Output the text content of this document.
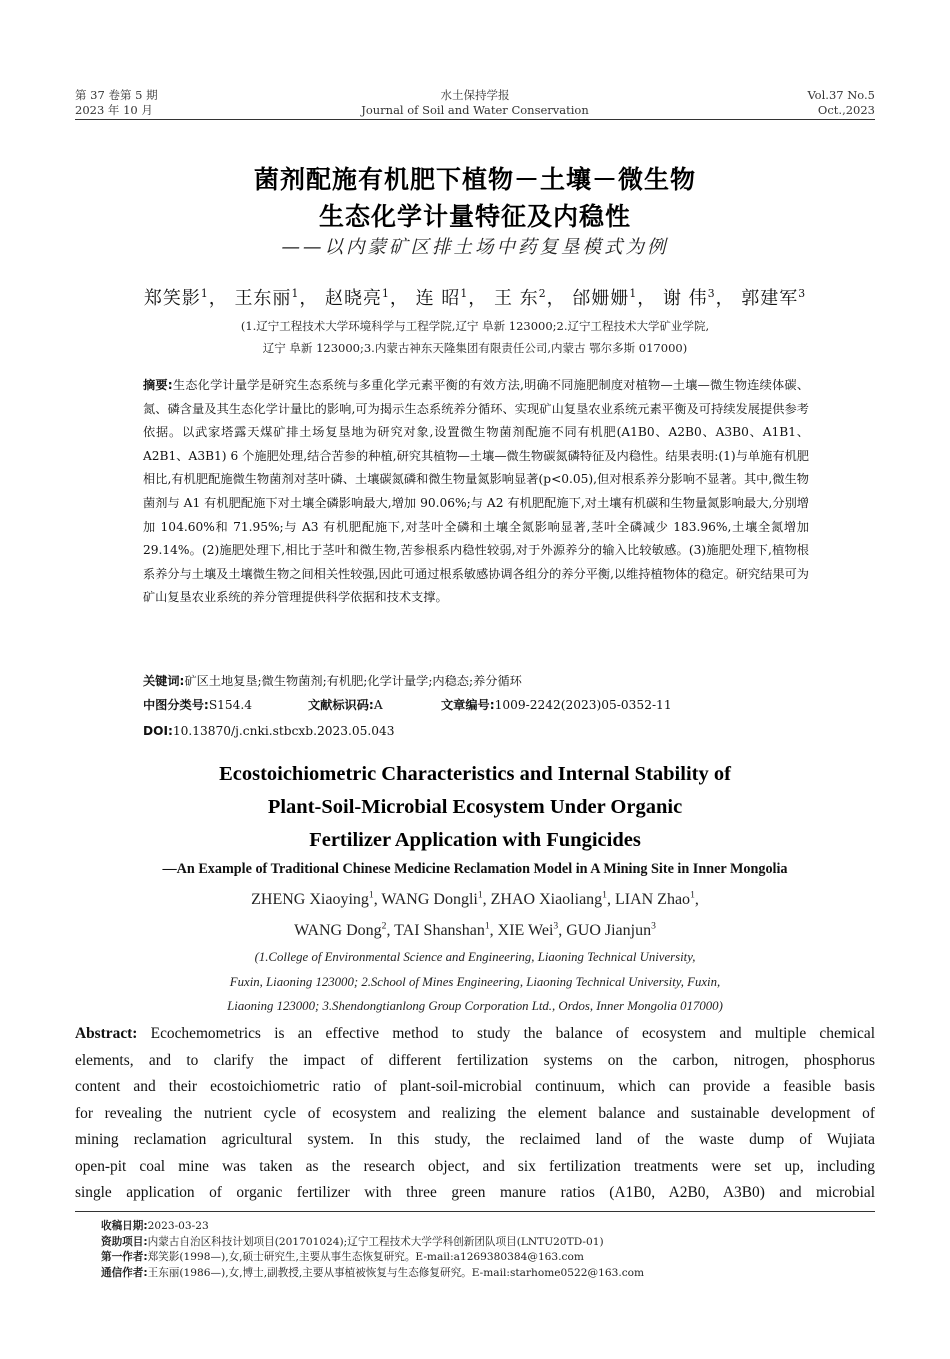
第 37 卷第 5 期
2023 年 10 月
水土保持学报
Journal of Soil and Water Conservation
Vol.37 No.5
Oct.,2023
菌剂配施有机肥下植物－土壤－微生物
生态化学计量特征及内稳性
——以内蒙矿区排土场中药复垦模式为例
郑笑影$^1$， 王东丽$^1$， 赵晓亮$^1$， 连 昭$^1$， 王 东$^2$， 邰姗姗$^1$， 谢 伟$^3$， 郭建军$^3$
(1.辽宁工程技术大学环境科学与工程学院,辽宁 阜新 123000;2.辽宁工程技术大学矿业学院,
辽宁 阜新 123000;3.内蒙古神东天隆集团有限责任公司,内蒙古 鄂尔多斯 017000)
摘要:生态化学计量学是研究生态系统与多重化学元素平衡的有效方法,明确不同施肥制度对植物—土壤—微生物连续体碳、氮、磷含量及其生态化学计量比的影响,可为揭示生态系统养分循环、实现矿山复垦农业系统元素平衡及可持续发展提供参考依据。以武家塔露天煤矿排土场复垦地为研究对象,设置微生物菌剂配施不同有机肥(A1B0、A2B0、A3B0、A1B1、A2B1、A3B1) 6 个施肥处理,结合苦参的种植,研究其植物—土壤—微生物碳氮磷特征及内稳性。结果表明:(1)与单施有机肥相比,有机肥配施微生物菌剂对茎叶磷、土壤碳氮磷和微生物量氮影响显著(p<0.05),但对根系养分影响不显著。其中,微生物菌剂与 A1 有机肥配施下对土壤全磷影响最大,增加 90.06%;与 A2 有机肥配施下,对土壤有机碳和生物量氮影响最大,分别增加 104.60%和 71.95%;与 A3 有机肥配施下,对茎叶全磷和土壤全氮影响显著,茎叶全磷减少 183.96%,土壤全氮增加 29.14%。(2)施肥处理下,相比于茎叶和微生物,苦参根系内稳性较弱,对于外源养分的输入比较敏感。(3)施肥处理下,植物根系养分与土壤及土壤微生物之间相关性较强,因此可通过根系敏感协调各组分的养分平衡,以维持植物体的稳定。研究结果可为矿山复垦农业系统的养分管理提供科学依据和技术支撑。
关键词:矿区土地复垦;微生物菌剂;有机肥;化学计量学;内稳态;养分循环
中图分类号:S154.4	文献标识码:A	文章编号:1009-2242(2023)05-0352-11
DOI:10.13870/j.cnki.stbcxb.2023.05.043
Ecostoichiometric Characteristics and Internal Stability of
Plant-Soil-Microbial Ecosystem Under Organic
Fertilizer Application with Fungicides
—An Example of Traditional Chinese Medicine Reclamation Model in A Mining Site in Inner Mongolia
ZHENG Xiaoying$^1$, WANG Dongli$^1$, ZHAO Xiaoliang$^1$, LIAN Zhao$^1$,
WANG Dong$^2$, TAI Shanshan$^1$, XIE Wei$^3$, GUO Jianjun$^3$
(1.College of Environmental Science and Engineering, Liaoning Technical University,
Fuxin, Liaoning 123000; 2.School of Mines Engineering, Liaoning Technical University, Fuxin,
Liaoning 123000; 3.Shendongtianlong Group Corporation Ltd., Ordos, Inner Mongolia 017000)
Abstract: Ecochemometrics is an effective method to study the balance of ecosystem and multiple chemical
elements, and to clarify the impact of different fertilization systems on the carbon, nitrogen, phosphorus
content and their ecostoichiometric ratio of plant-soil-microbial continuum, which can provide a feasible basis
for revealing the nutrient cycle of ecosystem and realizing the element balance and sustainable development of
mining reclamation agricultural system. In this study, the reclaimed land of the waste dump of Wujiata
open-pit coal mine was taken as the research object, and six fertilization treatments were set up, including
single application of organic fertilizer with three green manure ratios (A1B0, A2B0, A3B0) and microbial
收稿日期:2023-03-23
资助项目:内蒙古自治区科技计划项目(201701024);辽宁工程技术大学学科创新团队项目(LNTU20TD-01)
第一作者:郑笑影(1998—),女,硕士研究生,主要从事生态恢复研究。E-mail:a1269380384@163.com
通信作者:王东丽(1986—),女,博士,副教授,主要从事植被恢复与生态修复研究。E-mail:starhome0522@163.com
